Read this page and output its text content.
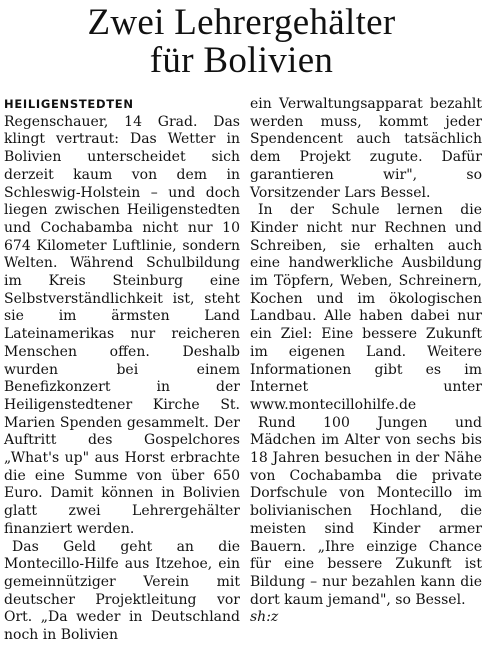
Zwei Lehrergehälter
für Bolivien

HEILIGENSTEDTEN Regenschauer, 14 Grad. Das klingt vertraut: Das Wetter in Bolivien unterscheidet sich derzeit kaum von dem in Schleswig-Holstein – und doch liegen zwischen Heiligenstedten und Cochabamba nicht nur 10 674 Kilometer Luftlinie, sondern Welten. Während Schulbildung im Kreis Steinburg eine Selbstverständlichkeit ist, steht sie im ärmsten Land Lateinamerikas nur reicheren Menschen offen. Deshalb wurden bei einem Benefizkonzert in der Heiligenstedtener Kirche St. Marien Spenden gesammelt. Der Auftritt des Gospelchores „What's up" aus Horst erbrachte die eine Summe von über 650 Euro. Damit können in Bolivien glatt zwei Lehrergehälter finanziert werden.

Das Geld geht an die Montecillo-Hilfe aus Itzehoe, ein gemeinnütziger Verein mit deutscher Projektleitung vor Ort. „Da weder in Deutschland noch in Bolivien

ein Verwaltungsapparat bezahlt werden muss, kommt jeder Spendencent auch tatsächlich dem Projekt zugute. Dafür garantieren wir", so Vorsitzender Lars Bessel.

In der Schule lernen die Kinder nicht nur Rechnen und Schreiben, sie erhalten auch eine handwerkliche Ausbildung im Töpfern, Weben, Schreinern, Kochen und im ökologischen Landbau. Alle haben dabei nur ein Ziel: Eine bessere Zukunft im eigenen Land. Weitere Informationen gibt es im Internet unter www.montecillohilfe.de

Rund 100 Jungen und Mädchen im Alter von sechs bis 18 Jahren besuchen in der Nähe von Cochabamba die private Dorfschule von Montecillo im bolivianischen Hochland, die meisten sind Kinder armer Bauern. „Ihre einzige Chance für eine bessere Zukunft ist Bildung – nur bezahlen kann die dort kaum jemand", so Bessel.

sh:z
